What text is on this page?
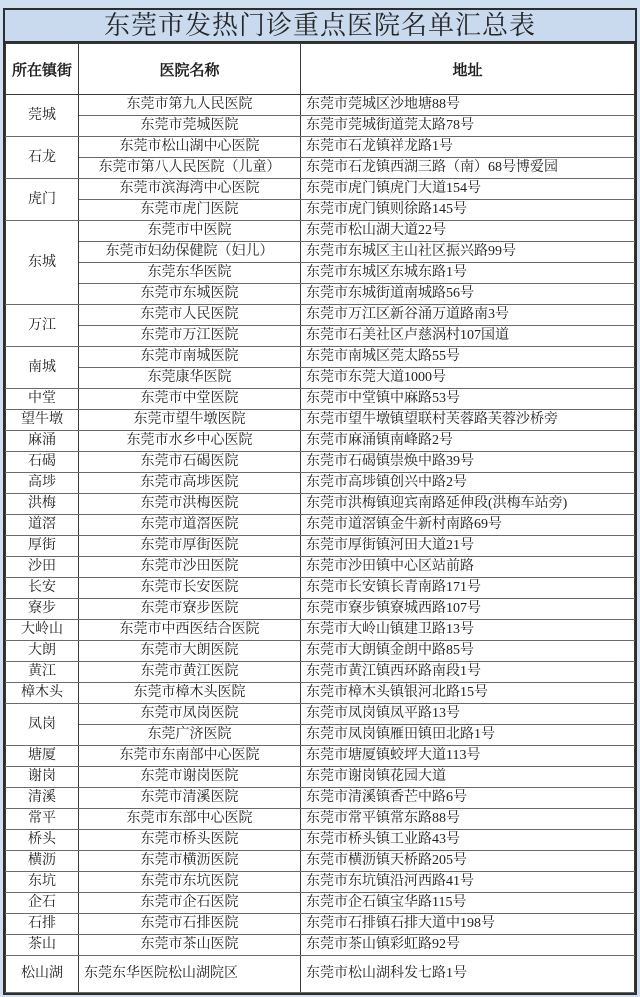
东莞市发热门诊重点医院名单汇总表
所在镇街	医院名称	地址
莞城	东莞市第九人民医院	东莞市莞城区沙地塘88号
	东莞市莞城医院	东莞市莞城街道莞太路78号
石龙	东莞市松山湖中心医院	东莞市石龙镇祥龙路1号
	东莞市第八人民医院（儿童）	东莞市石龙镇西湖三路（南）68号博爱园
虎门	东莞市滨海湾中心医院	东莞市虎门镇虎门大道154号
	东莞市虎门医院	东莞市虎门镇则徐路145号
东城	东莞市中医院	东莞市松山湖大道22号
	东莞市妇幼保健院（妇儿）	东莞市东城区主山社区振兴路99号
	东莞东华医院	东莞市东城区东城东路1号
	东莞市东城医院	东莞市东城街道南城路56号
万江	东莞市人民医院	东莞市万江区新谷涌万道路南3号
	东莞市万江医院	东莞市石美社区卢慈涡村107国道
南城	东莞市南城医院	东莞市南城区莞太路55号
	东莞康华医院	东莞市东莞大道1000号
中堂	东莞市中堂医院	东莞市中堂镇中麻路53号
望牛墩	东莞市望牛墩医院	东莞市望牛墩镇望联村芙蓉路芙蓉沙桥旁
麻涌	东莞市水乡中心医院	东莞市麻涌镇南峰路2号
石碣	东莞市石碣医院	东莞市石碣镇崇焕中路39号
高埗	东莞市高埗医院	东莞市高埗镇创兴中路2号
洪梅	东莞市洪梅医院	东莞市洪梅镇迎宾南路延伸段(洪梅车站旁)
道滘	东莞市道滘医院	东莞市道滘镇金牛新村南路69号
厚街	东莞市厚街医院	东莞市厚街镇河田大道21号
沙田	东莞市沙田医院	东莞市沙田镇中心区站前路
长安	东莞市长安医院	东莞市长安镇长青南路171号
寮步	东莞市寮步医院	东莞市寮步镇寮城西路107号
大岭山	东莞市中西医结合医院	东莞市大岭山镇建卫路13号
大朗	东莞市大朗医院	东莞市大朗镇金朗中路85号
黄江	东莞市黄江医院	东莞市黄江镇西环路南段1号
樟木头	东莞市樟木头医院	东莞市樟木头镇银河北路15号
凤岗	东莞市凤岗医院	东莞市凤岗镇凤平路13号
	东莞广济医院	东莞市凤岗镇雁田镇田北路1号
塘厦	东莞市东南部中心医院	东莞市塘厦镇蛟坪大道113号
谢岗	东莞市谢岗医院	东莞市谢岗镇花园大道
清溪	东莞市清溪医院	东莞市清溪镇香芒中路6号
常平	东莞市东部中心医院	东莞市常平镇常东路88号
桥头	东莞市桥头医院	东莞市桥头镇工业路43号
横沥	东莞市横沥医院	东莞市横沥镇天桥路205号
东坑	东莞市东坑医院	东莞市东坑镇沿河西路41号
企石	东莞市企石医院	东莞市企石镇宝华路115号
石排	东莞市石排医院	东莞市石排镇石排大道中198号
茶山	东莞市茶山医院	东莞市茶山镇彩虹路92号
松山湖	东莞东华医院松山湖院区	东莞市松山湖科发七路1号
